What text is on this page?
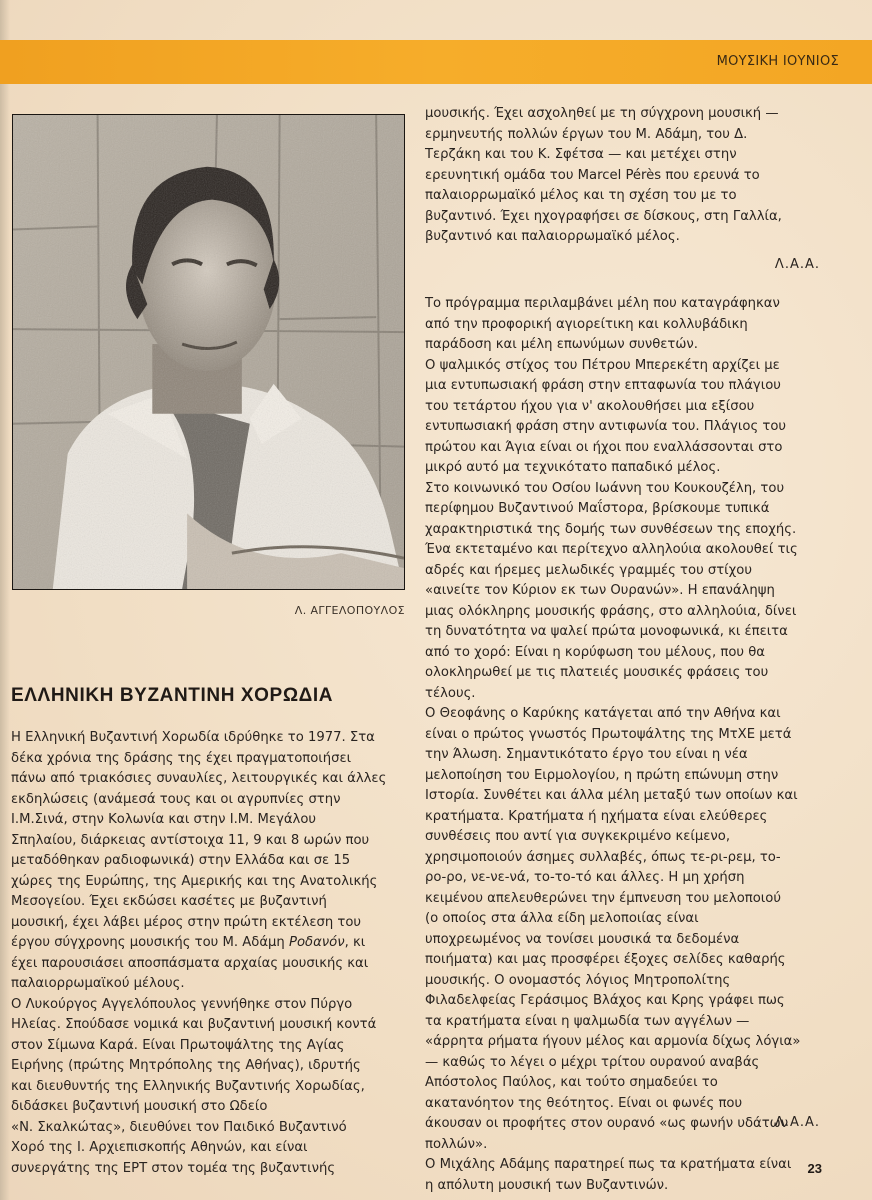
ΜΟΥΣΙΚΗ ΙΟΥΝΙΟΣ
Λ. ΑΓΓΕΛΟΠΟΥΛΟΣ
ΕΛΛΗΝΙΚΗ ΒΥΖΑΝΤΙΝΗ ΧΟΡΩΔΙΑ
Η Ελληνική Βυζαντινή Χορωδία ιδρύθηκε το 1977. Στα
δέκα χρόνια της δράσης της έχει πραγματοποιήσει
πάνω από τριακόσιες συναυλίες, λειτουργικές και άλλες
εκδηλώσεις (ανάμεσά τους και οι αγρυπνίες στην
Ι.Μ.Σινά, στην Κολωνία και στην Ι.Μ. Μεγάλου
Σπηλαίου, διάρκειας αντίστοιχα 11, 9 και 8 ωρών που
μεταδόθηκαν ραδιοφωνικά) στην Ελλάδα και σε 15
χώρες της Ευρώπης, της Αμερικής και της Ανατολικής
Μεσογείου. Έχει εκδώσει κασέτες με βυζαντινή
μουσική, έχει λάβει μέρος στην πρώτη εκτέλεση του
έργου σύγχρονης μουσικής του Μ. Αδάμη Ροδανόν, κι
έχει παρουσιάσει αποσπάσματα αρχαίας μουσικής και
παλαιορρωμαϊκού μέλους.
Ο Λυκούργος Αγγελόπουλος γεννήθηκε στον Πύργο
Ηλείας. Σπούδασε νομικά και βυζαντινή μουσική κοντά
στον Σίμωνα Καρά. Είναι Πρωτοψάλτης της Αγίας
Ειρήνης (πρώτης Μητρόπολης της Αθήνας), ιδρυτής
και διευθυντής της Ελληνικής Βυζαντινής Χορωδίας,
διδάσκει βυζαντινή μουσική στο Ωδείο
«Ν. Σκαλκώτας», διευθύνει τον Παιδικό Βυζαντινό
Χορό της Ι. Αρχιεπισκοπής Αθηνών, και είναι
συνεργάτης της ΕΡΤ στον τομέα της βυζαντινής
μουσικής. Έχει ασχοληθεί με τη σύγχρονη μουσική —
ερμηνευτής πολλών έργων του Μ. Αδάμη, του Δ.
Τερζάκη και του Κ. Σφέτσα — και μετέχει στην
ερευνητική ομάδα του Marcel Pérès που ερευνά το
παλαιορρωμαϊκό μέλος και τη σχέση του με το
βυζαντινό. Έχει ηχογραφήσει σε δίσκους, στη Γαλλία,
βυζαντινό και παλαιορρωμαϊκό μέλος.
Λ.Α.Α.
Το πρόγραμμα περιλαμβάνει μέλη που καταγράφηκαν
από την προφορική αγιορείτικη και κολλυβάδικη
παράδοση και μέλη επωνύμων συνθετών.
Ο ψαλμικός στίχος του Πέτρου Μπερεκέτη αρχίζει με
μια εντυπωσιακή φράση στην επταφωνία του πλάγιου
του τετάρτου ήχου για ν' ακολουθήσει μια εξίσου
εντυπωσιακή φράση στην αντιφωνία του. Πλάγιος του
πρώτου και Άγια είναι οι ήχοι που εναλλάσσονται στο
μικρό αυτό μα τεχνικότατο παπαδικό μέλος.
Στο κοινωνικό του Οσίου Ιωάννη του Κουκουζέλη, του
περίφημου Βυζαντινού Μαΐστορα, βρίσκουμε τυπικά
χαρακτηριστικά της δομής των συνθέσεων της εποχής.
Ένα εκτεταμένο και περίτεχνο αλληλούια ακολουθεί τις
αδρές και ήρεμες μελωδικές γραμμές του στίχου
«αινείτε τον Κύριον εκ των Ουρανών». Η επανάληψη
μιας ολόκληρης μουσικής φράσης, στο αλληλούια, δίνει
τη δυνατότητα να ψαλεί πρώτα μονοφωνικά, κι έπειτα
από το χορό: Είναι η κορύφωση του μέλους, που θα
ολοκληρωθεί με τις πλατειές μουσικές φράσεις του
τέλους.
Ο Θεοφάνης ο Καρύκης κατάγεται από την Αθήνα και
είναι ο πρώτος γνωστός Πρωτοψάλτης της ΜτΧΕ μετά
την Άλωση. Σημαντικότατο έργο του είναι η νέα
μελοποίηση του Ειρμολογίου, η πρώτη επώνυμη στην
Ιστορία. Συνθέτει και άλλα μέλη μεταξύ των οποίων και
κρατήματα. Κρατήματα ή ηχήματα είναι ελεύθερες
συνθέσεις που αντί για συγκεκριμένο κείμενο,
χρησιμοποιούν άσημες συλλαβές, όπως τε-ρι-ρεμ, το-
ρο-ρο, νε-νε-νά, το-το-τό και άλλες. Η μη χρήση
κειμένου απελευθερώνει την έμπνευση του μελοποιού
(ο οποίος στα άλλα είδη μελοποιίας είναι
υποχρεωμένος να τονίσει μουσικά τα δεδομένα
ποιήματα) και μας προσφέρει έξοχες σελίδες καθαρής
μουσικής. Ο ονομαστός λόγιος Μητροπολίτης
Φιλαδελφείας Γεράσιμος Βλάχος και Κρης γράφει πως
τα κρατήματα είναι η ψαλμωδία των αγγέλων —
«άρρητα ρήματα ήγουν μέλος και αρμονία δίχως λόγια»
— καθώς το λέγει ο μέχρι τρίτου ουρανού αναβάς
Απόστολος Παύλος, και τούτο σημαδεύει το
ακατανόητον της θεότητος. Είναι οι φωνές που
άκουσαν οι προφήτες στον ουρανό «ως φωνήν υδάτων
πολλών».
Ο Μιχάλης Αδάμης παρατηρεί πως τα κρατήματα είναι
η απόλυτη μουσική των Βυζαντινών.
Λ.Α.Α.
23
